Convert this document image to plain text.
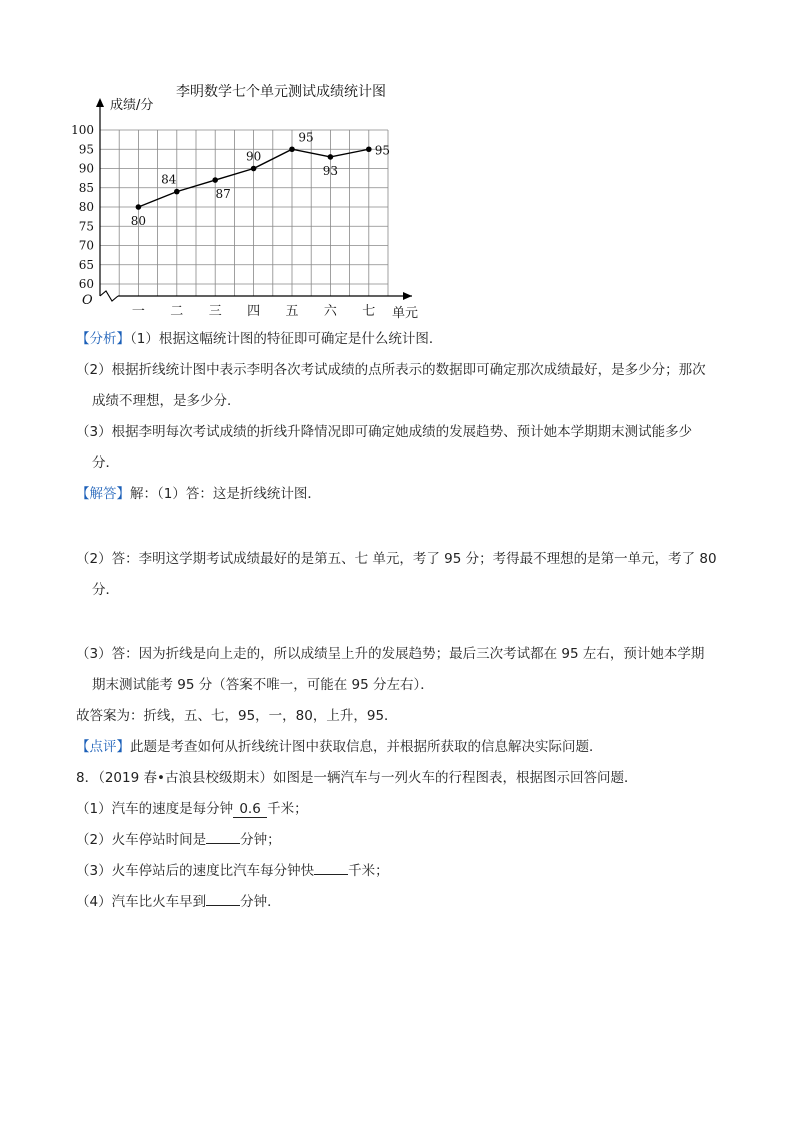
李明数学七个单元测试成绩统计图
成绩/分
单元
O
60
65
70
75
80
85
90
95
100
一 二 三 四 五 六 七
80
84
87
90
95
93
95

【分析】（1）根据这幅统计图的特征即可确定是什么统计图．

（2）根据折线统计图中表示李明各次考试成绩的点所表示的数据即可确定那次成绩最好，是多少分；那次

成绩不理想，是多少分．

（3）根据李明每次考试成绩的折线升降情况即可确定她成绩的发展趋势、预计她本学期期末测试能多少

分．

【解答】解：（1）答：这是折线统计图．

（2）答：李明这学期考试成绩最好的是第五、七 单元，考了 95 分；考得最不理想的是第一单元，考了 80

分．

（3）答：因为折线是向上走的，所以成绩呈上升的发展趋势；最后三次考试都在 95 左右，预计她本学期

期末测试能考 95 分（答案不唯一，可能在 95 分左右）．

故答案为：折线，五、七，95，一，80，上升，95．

【点评】此题是考查如何从折线统计图中获取信息，并根据所获取的信息解决实际问题．

8．（2019 春•古浪县校级期末）如图是一辆汽车与一列火车的行程图表，根据图示回答问题．

（1）汽车的速度是每分钟 0.6 千米；

（2）火车停站时间是	分钟；

（3）火车停站后的速度比汽车每分钟快	千米；

（4）汽车比火车早到	分钟．
